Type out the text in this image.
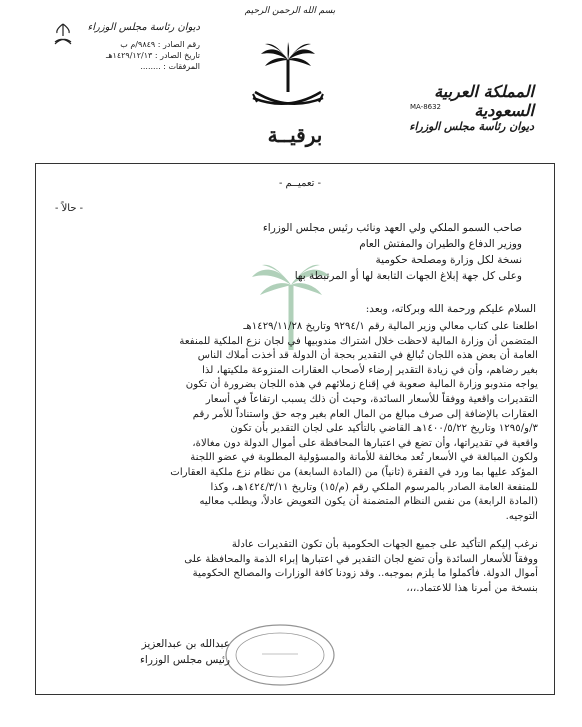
بسم الله الرحمن الرحيم
ديوان رئاسة مجلس الوزراء
رقم الصادر : ٩٨٤٩/م ب
تاريخ الصادر : ١٤٢٩/١٢/١٣هـ
المرفقات : ........
المملكة العربية السعودية
MA-8632
ديوان رئاسة مجلس الوزراء
برقيــة
- تعميــم -
- حالاً -
صاحب السمو الملكي ولي العهد ونائب رئيس مجلس الوزراء
ووزير الدفاع والطيران والمفتش العام
نسخة لكل وزارة ومصلحة حكومية
وعلى كل جهة إبلاغ الجهات التابعة لها أو المرتبطة بها
السلام عليكم ورحمة الله وبركاته، وبعد:
اطلعنا على كتاب معالي وزير المالية رقم ٩٢٩٤/١ وتاريخ ١٤٢٩/١١/٢٨هـ
المتضمن أن وزارة المالية لاحظت خلال اشتراك مندوبيها في لجان نزع الملكية للمنفعة
العامة أن بعض هذه اللجان تُبالغ في التقدير بحجة أن الدولة قد أخذت أملاك الناس
بغير رضاهم، وأن في زيادة التقدير إرضاء لأصحاب العقارات المنزوعة ملكيتها، لذا
يواجه مندوبو وزارة المالية صعوبة في إقناع زملائهم في هذه اللجان بضرورة أن تكون
التقديرات واقعية ووفقاً للأسعار السائدة، وحيث أن ذلك يسبب ارتفاعاً في أسعار
العقارات بالإضافة إلى صرف مبالغ من المال العام بغير وجه حق واستناداً للأمر رقم
٣/و/١٢٩٥ وتاريخ ١٤٠٠/٥/٢٢هـ القاضي بالتأكيد على لجان التقدير بأن تكون
واقعية في تقديراتها، وأن تضع في اعتبارها المحافظة على أموال الدولة دون مغالاة،
ولكون المبالغة في الأسعار تُعد مخالفة للأمانة والمسؤولية المطلوبة في عضو اللجنة
المؤكد عليها بما ورد في الفقرة (ثانياً) من (المادة السابعة) من نظام نزع ملكية العقارات
للمنفعة العامة الصادر بالمرسوم الملكي رقم (م/١٥) وتاريخ ١٤٢٤/٣/١١هـ، وكذا
(المادة الرابعة) من نفس النظام المتضمنة أن يكون التعويض عادلاً، ويطلب معاليه
التوجيه.
نرغب إليكم التأكيد على جميع الجهات الحكومية بأن تكون التقديرات عادلة
ووفقاً للأسعار السائدة وأن تضع لجان التقدير في اعتبارها إبراء الذمة والمحافظة على
أموال الدولة. فأكملوا ما يلزم بموجبه.. وقد زودنا كافة الوزارات والمصالح الحكومية
بنسخة من أمرنا هذا للاعتماد.،،،
عبدالله بن عبدالعزيز
رئيس مجلس الوزراء
